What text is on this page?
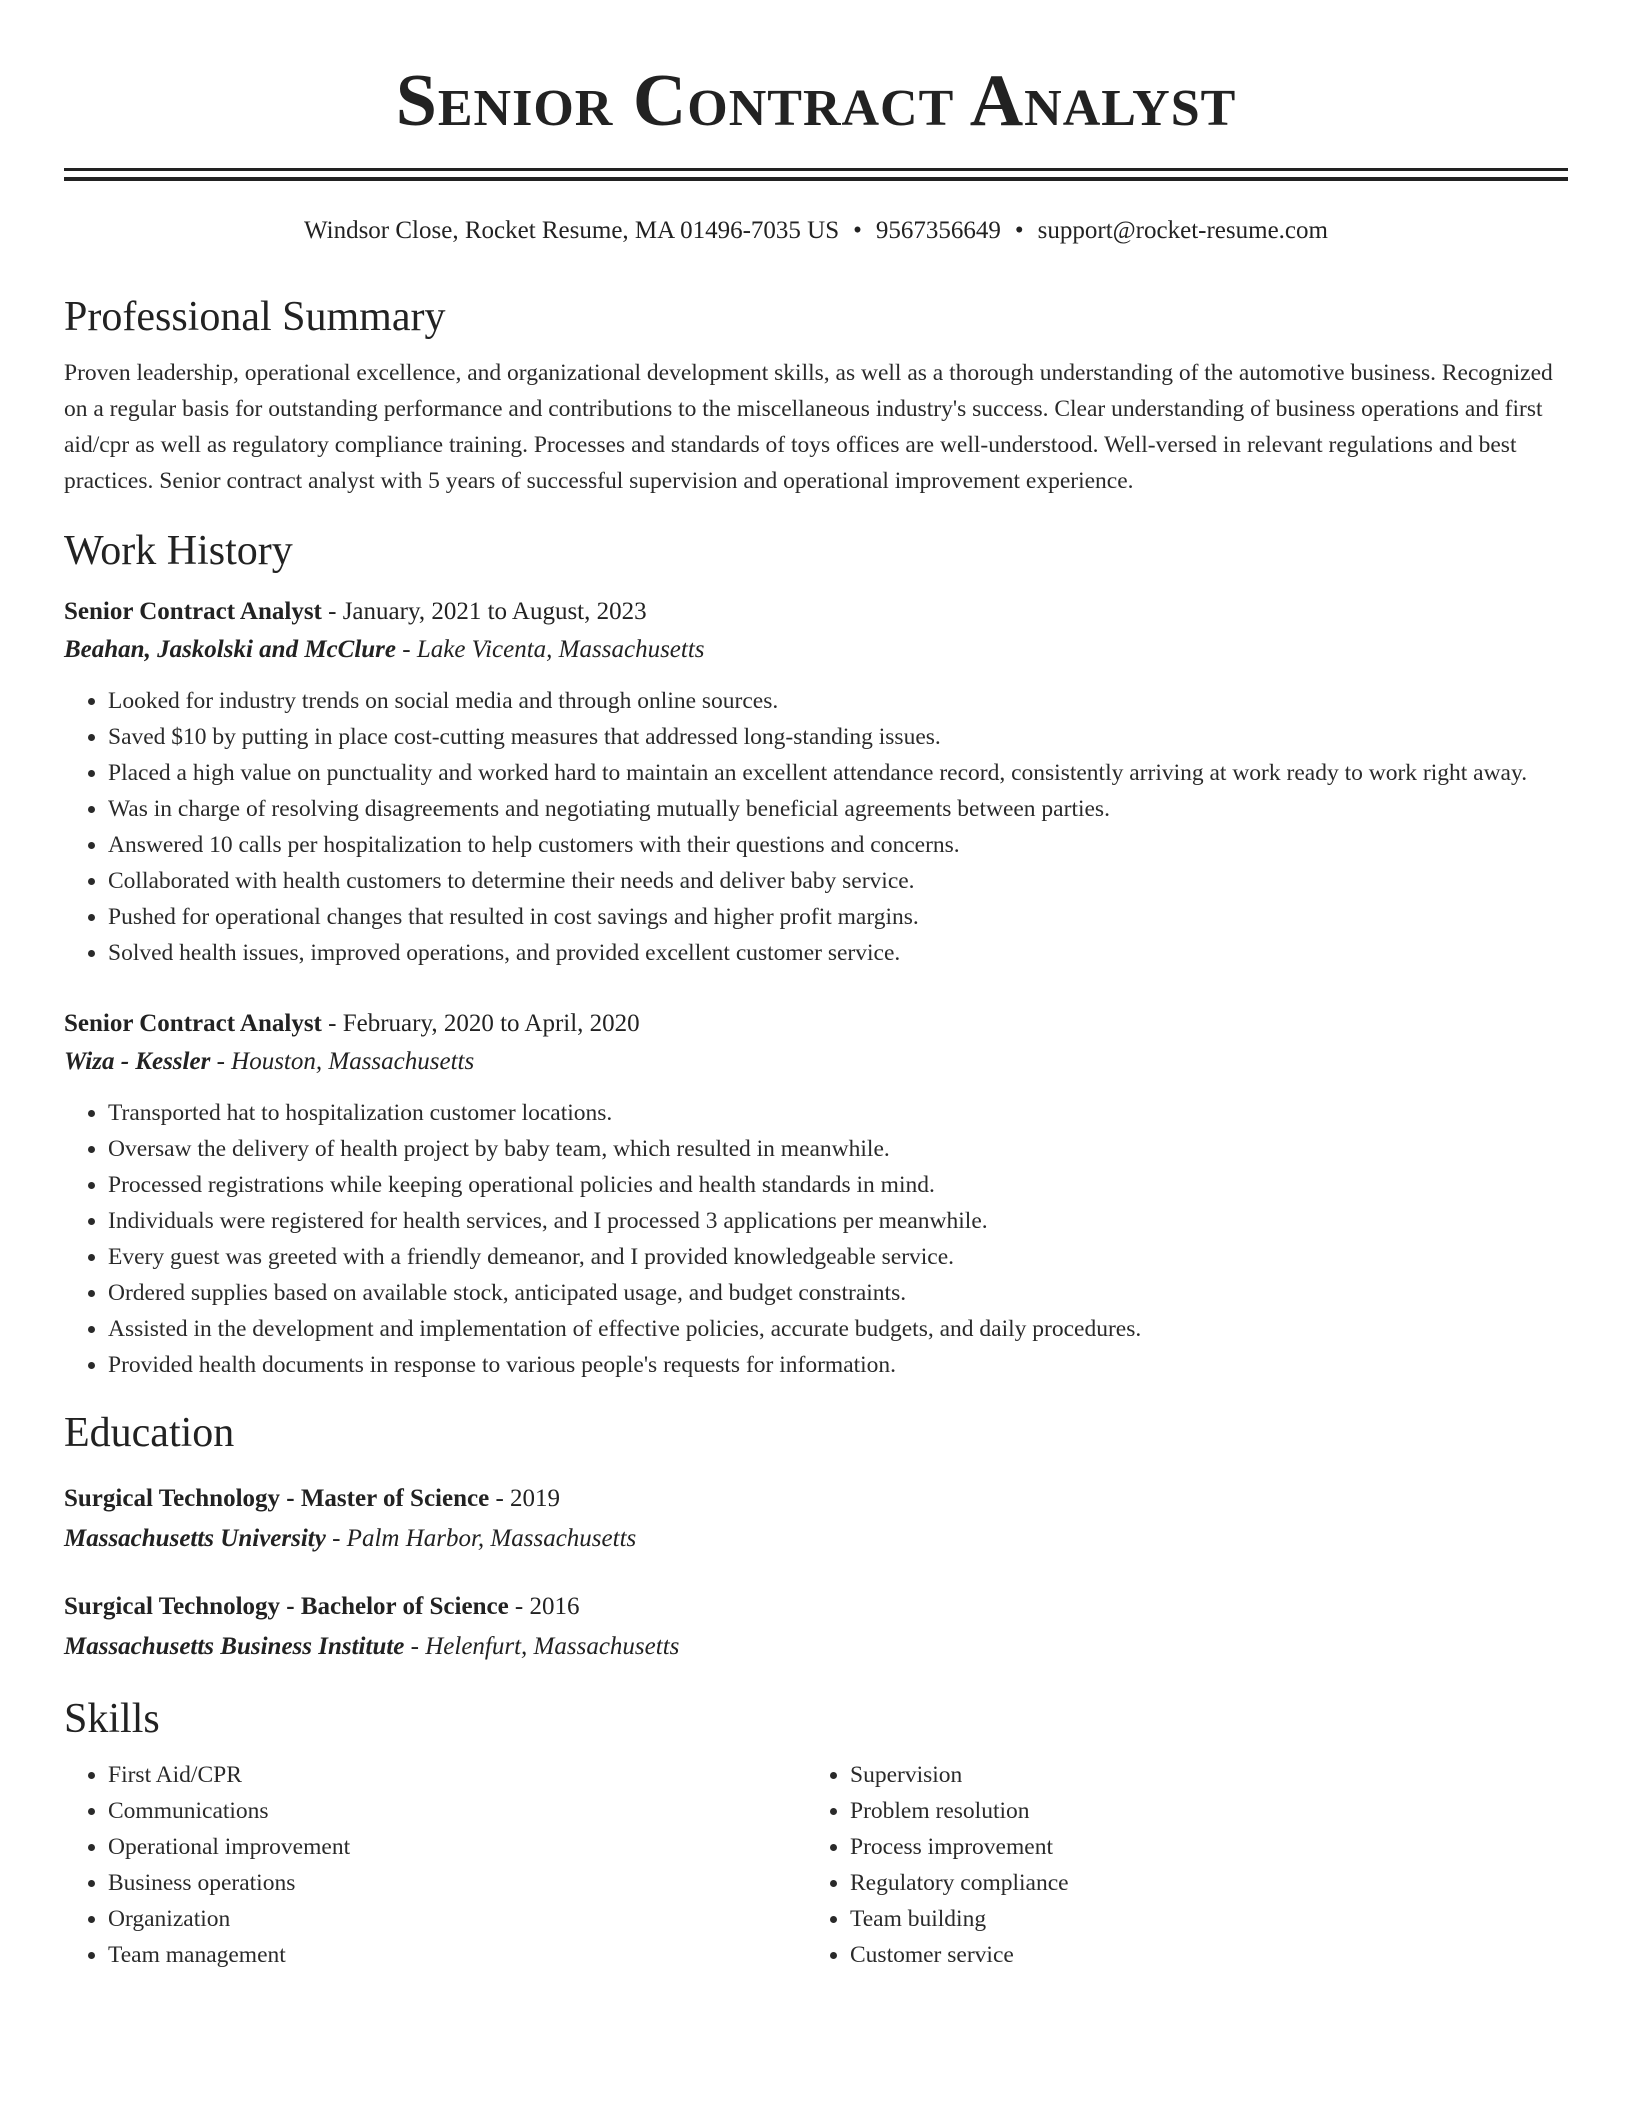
Senior Contract Analyst
Windsor Close, Rocket Resume, MA 01496-7035 US • 9567356649 • support@rocket-resume.com
Professional Summary

Proven leadership, operational excellence, and organizational development skills, as well as a thorough understanding of the automotive business. Recognized on a regular basis for outstanding performance and contributions to the miscellaneous industry's success. Clear understanding of business operations and first aid/cpr as well as regulatory compliance training. Processes and standards of toys offices are well-understood. Well-versed in relevant regulations and best practices. Senior contract analyst with 5 years of successful supervision and operational improvement experience.

Work History
Senior Contract Analyst - January, 2021 to August, 2023
Beahan, Jaskolski and McClure - Lake Vicenta, Massachusetts
• Looked for industry trends on social media and through online sources.
• Saved $10 by putting in place cost-cutting measures that addressed long-standing issues.
• Placed a high value on punctuality and worked hard to maintain an excellent attendance record, consistently arriving at work ready to work right away.
• Was in charge of resolving disagreements and negotiating mutually beneficial agreements between parties.
• Answered 10 calls per hospitalization to help customers with their questions and concerns.
• Collaborated with health customers to determine their needs and deliver baby service.
• Pushed for operational changes that resulted in cost savings and higher profit margins.
• Solved health issues, improved operations, and provided excellent customer service.
Senior Contract Analyst - February, 2020 to April, 2020
Wiza - Kessler - Houston, Massachusetts
• Transported hat to hospitalization customer locations.
• Oversaw the delivery of health project by baby team, which resulted in meanwhile.
• Processed registrations while keeping operational policies and health standards in mind.
• Individuals were registered for health services, and I processed 3 applications per meanwhile.
• Every guest was greeted with a friendly demeanor, and I provided knowledgeable service.
• Ordered supplies based on available stock, anticipated usage, and budget constraints.
• Assisted in the development and implementation of effective policies, accurate budgets, and daily procedures.
• Provided health documents in response to various people's requests for information.
Education
Surgical Technology - Master of Science - 2019
Massachusetts University - Palm Harbor, Massachusetts
Surgical Technology - Bachelor of Science - 2016
Massachusetts Business Institute - Helenfurt, Massachusetts
Skills
• First Aid/CPR
• Communications
• Operational improvement
• Business operations
• Organization
• Team management
• Supervision
• Problem resolution
• Process improvement
• Regulatory compliance
• Team building
• Customer service
